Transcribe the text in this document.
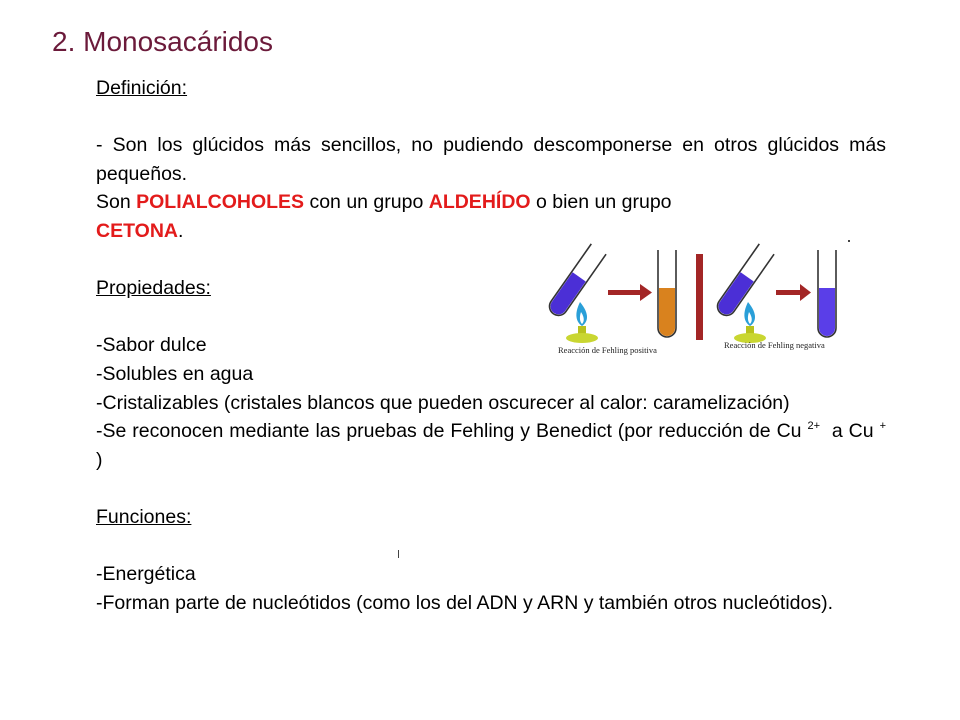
2. Monosacáridos

Definición:

- Son los glúcidos más sencillos, no pudiendo descomponerse en otros glúcidos más pequeños.

Son POLIALCOHOLES con un grupo ALDEHÍDO o bien un grupo
CETONA.

Propiedades:

-Sabor dulce

-Solubles en agua

-Cristalizables (cristales blancos que pueden oscurecer al calor: caramelización)

-Se reconocen mediante las pruebas de Fehling y Benedict (por reducción de Cu $^{2+}$  a Cu + )

Funciones:

-Energética

-Forman parte de nucleótidos (como los del ADN y ARN y también otros nucleótidos).

Reacción de Fehling positiva	Reacción de Fehling negativa
